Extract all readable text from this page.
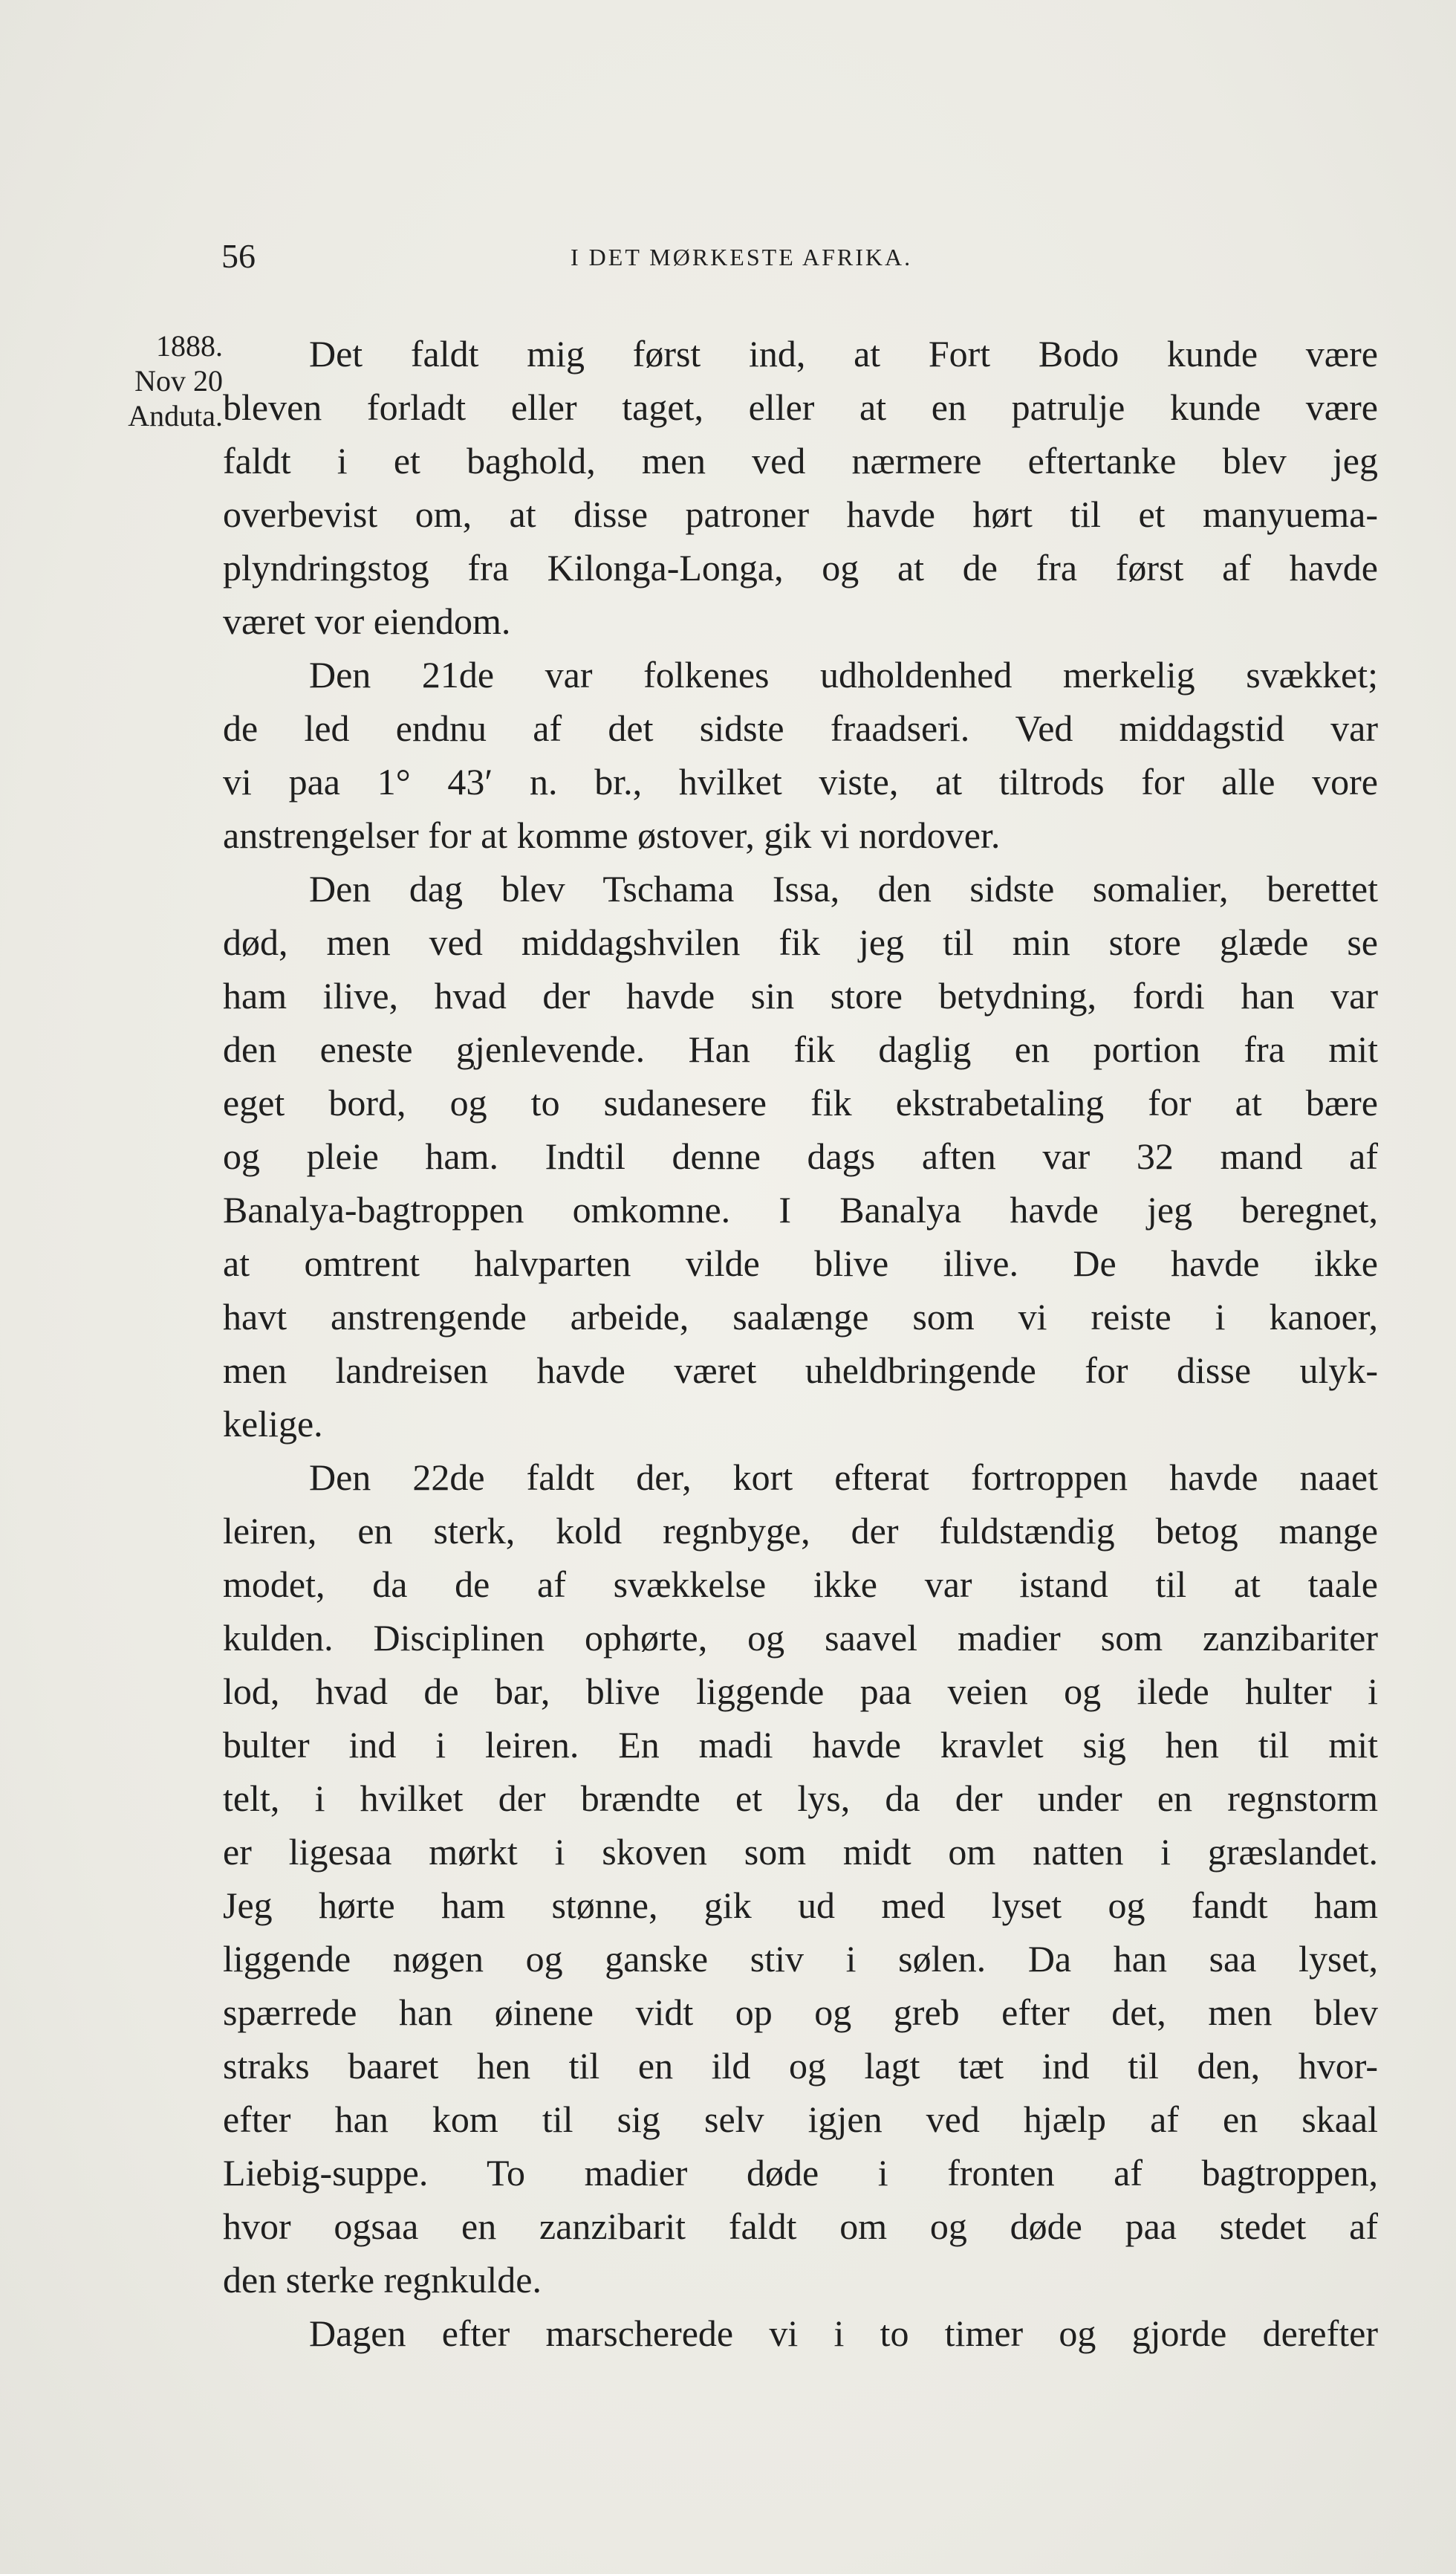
56	I DET MØRKESTE AFRIKA.
1888.
Nov 20
Anduta.
Det faldt mig først ind, at Fort Bodo kunde være
bleven forladt eller taget, eller at en patrulje kunde være
faldt i et baghold, men ved nærmere eftertanke blev jeg
overbevist om, at disse patroner havde hørt til et manyuema-
plyndringstog fra Kilonga-Longa, og at de fra først af havde
været vor eiendom.
Den 21de var folkenes udholdenhed merkelig svækket;
de led endnu af det sidste fraadseri. Ved middagstid var
vi paa 1° 43′ n. br., hvilket viste, at tiltrods for alle vore
anstrengelser for at komme østover, gik vi nordover.
Den dag blev Tschama Issa, den sidste somalier, berettet
død, men ved middagshvilen fik jeg til min store glæde se
ham ilive, hvad der havde sin store betydning, fordi han var
den eneste gjenlevende. Han fik daglig en portion fra mit
eget bord, og to sudanesere fik ekstrabetaling for at bære
og pleie ham. Indtil denne dags aften var 32 mand af
Banalya-bagtroppen omkomne. I Banalya havde jeg beregnet,
at omtrent halvparten vilde blive ilive. De havde ikke
havt anstrengende arbeide, saalænge som vi reiste i kanoer,
men landreisen havde været uheldbringende for disse ulyk-
kelige.
Den 22de faldt der, kort efterat fortroppen havde naaet
leiren, en sterk, kold regnbyge, der fuldstændig betog mange
modet, da de af svækkelse ikke var istand til at taale
kulden. Disciplinen ophørte, og saavel madier som zanzibariter
lod, hvad de bar, blive liggende paa veien og ilede hulter i
bulter ind i leiren. En madi havde kravlet sig hen til mit
telt, i hvilket der brændte et lys, da der under en regnstorm
er ligesaa mørkt i skoven som midt om natten i græslandet.
Jeg hørte ham stønne, gik ud med lyset og fandt ham
liggende nøgen og ganske stiv i sølen. Da han saa lyset,
spærrede han øinene vidt op og greb efter det, men blev
straks baaret hen til en ild og lagt tæt ind til den, hvor-
efter han kom til sig selv igjen ved hjælp af en skaal
Liebig-suppe. To madier døde i fronten af bagtroppen,
hvor ogsaa en zanzibarit faldt om og døde paa stedet af
den sterke regnkulde.
Dagen efter marscherede vi i to timer og gjorde derefter
